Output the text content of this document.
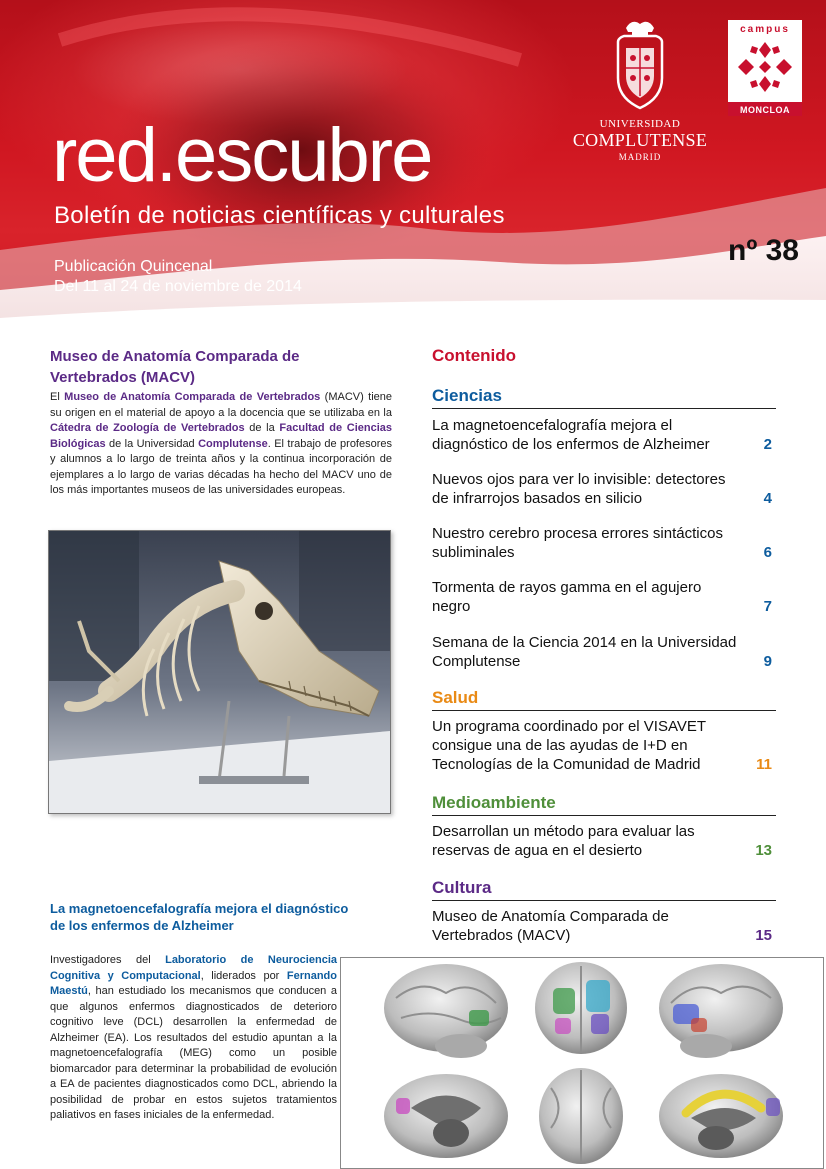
red.escubre
Boletín de noticias científicas y culturales
Publicación Quincenal
Del 11 al 24 de noviembre de 2014
UNIVERSIDAD
COMPLUTENSE
MADRID
campus
MONCLOA
nº 38
Museo de Anatomía Comparada de Vertebrados (MACV)
El Museo de Anatomía Comparada de Vertebrados (MACV) tiene su origen en el material de apoyo a la docencia que se utilizaba en la Cátedra de Zoología de Vertebrados de la Facultad de Ciencias Biológicas de la Universidad Complutense. El trabajo de profesores y alumnos a lo largo de treinta años y la continua incorporación de ejemplares a lo largo de varias décadas ha hecho del MACV uno de los más importantes museos de las universidades europeas.
La magnetoencefalografía mejora el diagnóstico de los enfermos de Alzheimer
Investigadores del Laboratorio de Neurociencia Cognitiva y Computacional, liderados por Fernando Maestú, han estudiado los mecanismos que conducen a que algunos enfermos diagnosticados de deterioro cognitivo leve (DCL) desarrollen la enfermedad de Alzheimer (EA). Los resultados del estudio apuntan a la magnetoencefalografía (MEG) como un posible biomarcador para determinar la probabilidad de evolución a EA de pacientes diagnosticados como DCL, abriendo la posibilidad de probar en estos sujetos tratamientos paliativos en fases iniciales de la enfermedad.
Contenido
Ciencias
La magnetoencefalografía mejora el diagnóstico de los enfermos de Alzheimer	2
Nuevos ojos para ver lo invisible: detectores de infrarrojos basados en silicio	4
Nuestro cerebro procesa errores sintácticos subliminales	6
Tormenta de rayos gamma en el agujero negro	7
Semana de la Ciencia 2014 en la Universidad Complutense	9
Salud
Un programa coordinado por el VISAVET consigue una de las ayudas de I+D en Tecnologías de la Comunidad de Madrid	11
Medioambiente
Desarrollan un método para evaluar las reservas de agua en el desierto	13
Cultura
Museo de Anatomía Comparada de Vertebrados (MACV)	15
